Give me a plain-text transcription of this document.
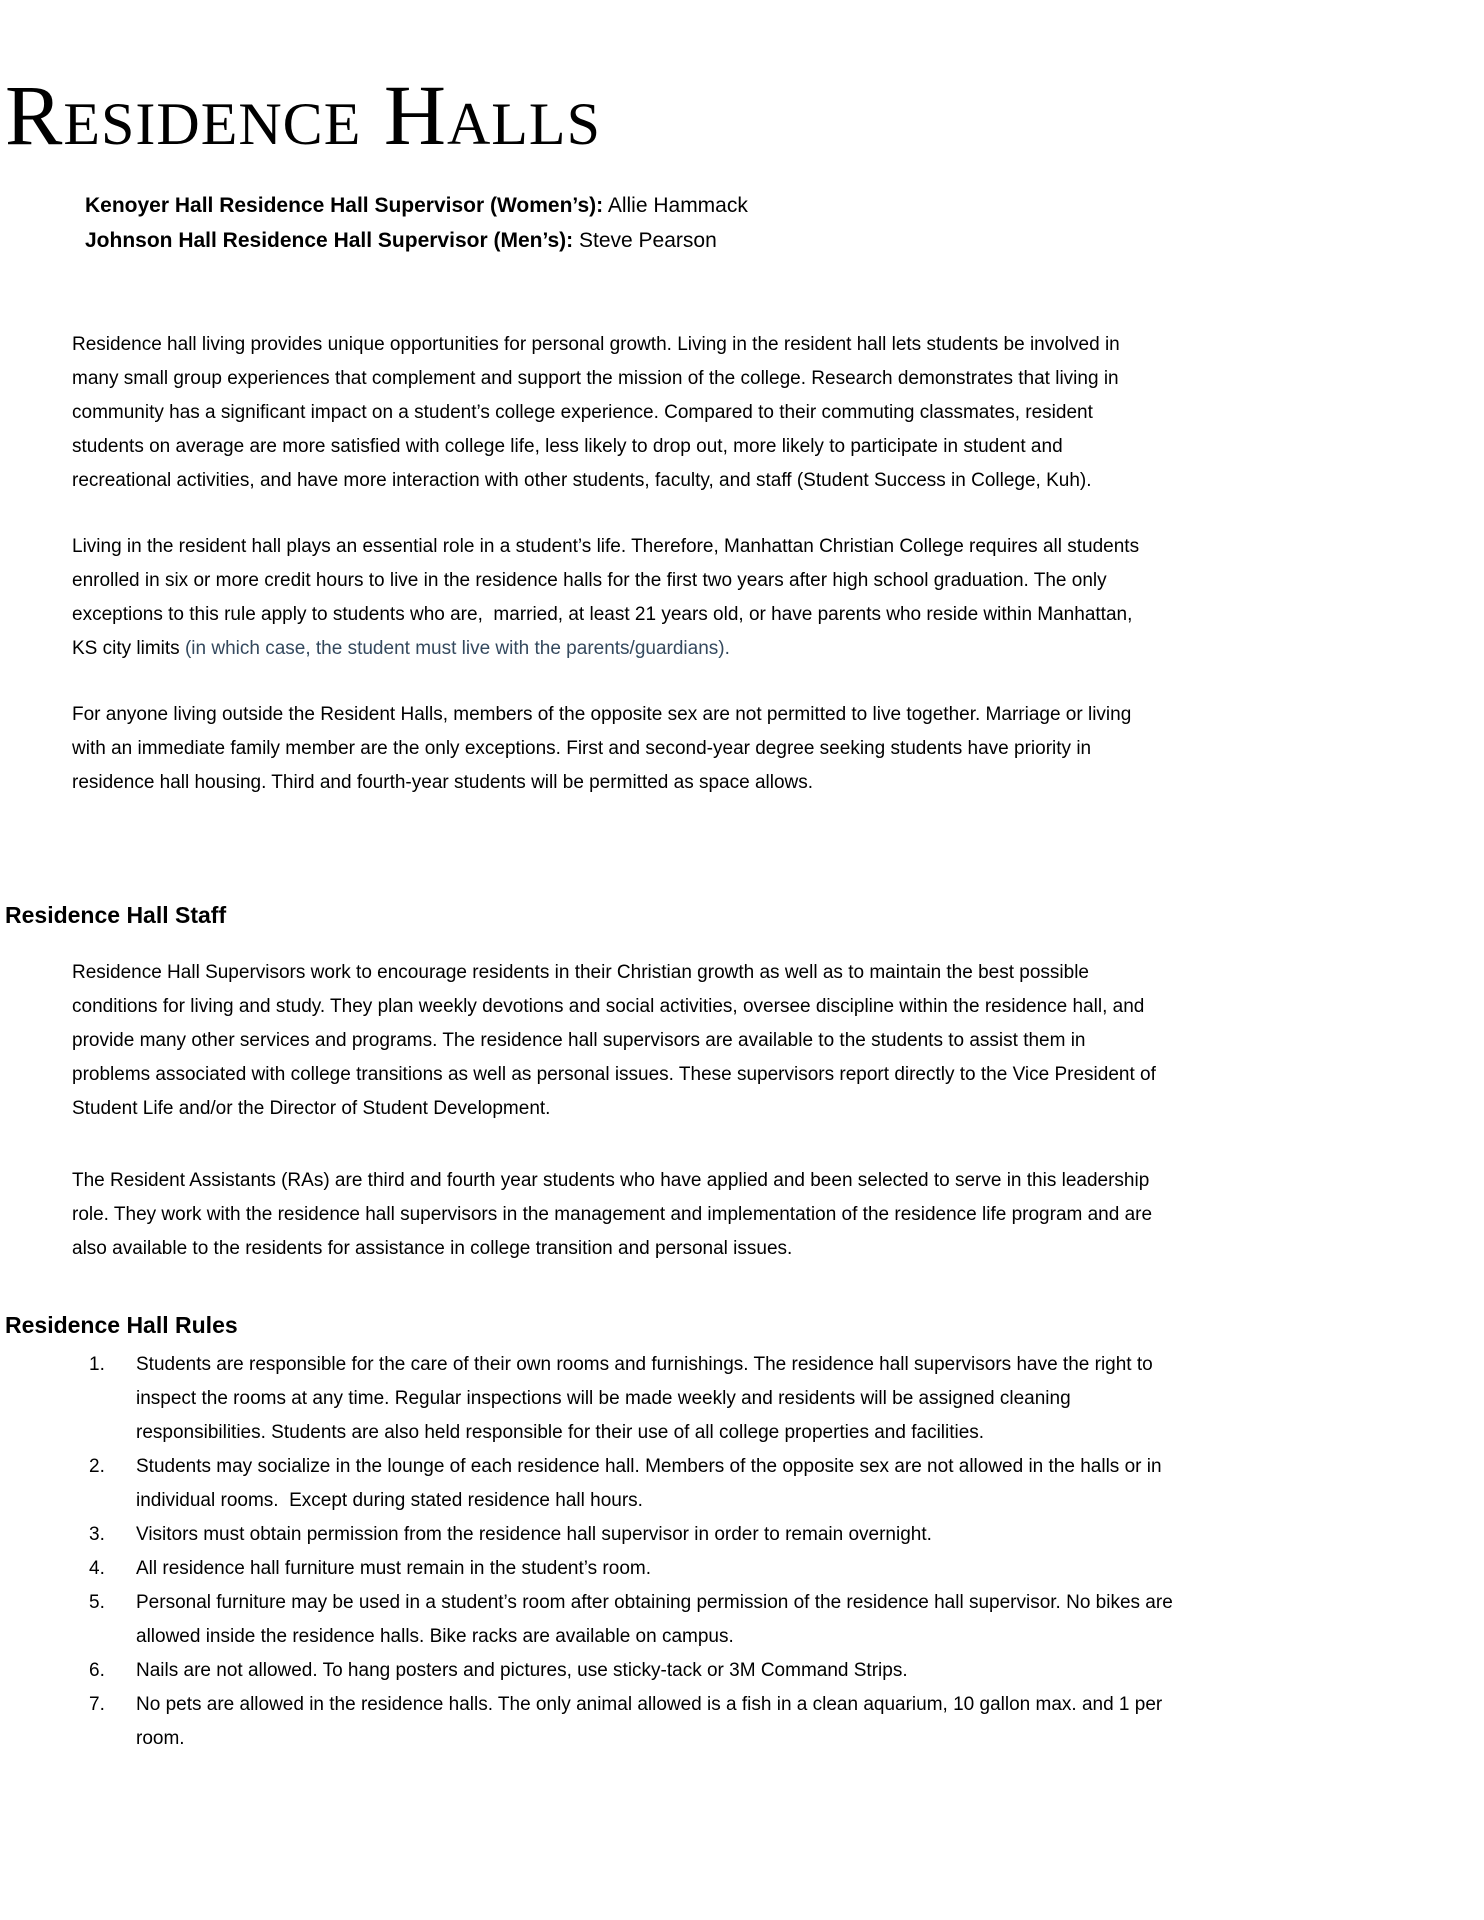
Residence Halls
Kenoyer Hall Residence Hall Supervisor (Women’s): Allie Hammack
Johnson Hall Residence Hall Supervisor (Men’s): Steve Pearson

Residence hall living provides unique opportunities for personal growth. Living in the resident hall lets students be involved in many small group experiences that complement and support the mission of the college. Research demonstrates that living in community has a significant impact on a student’s college experience. Compared to their commuting classmates, resident students on average are more satisfied with college life, less likely to drop out, more likely to participate in student and recreational activities, and have more interaction with other students, faculty, and staff (Student Success in College, Kuh).

Living in the resident hall plays an essential role in a student’s life. Therefore, Manhattan Christian College requires all students enrolled in six or more credit hours to live in the residence halls for the first two years after high school graduation. The only exceptions to this rule apply to students who are,  married, at least 21 years old, or have parents who reside within Manhattan, KS city limits (in which case, the student must live with the parents/guardians).

For anyone living outside the Resident Halls, members of the opposite sex are not permitted to live together. Marriage or living with an immediate family member are the only exceptions. First and second-year degree seeking students have priority in residence hall housing. Third and fourth-year students will be permitted as space allows.

Residence Hall Staff

Residence Hall Supervisors work to encourage residents in their Christian growth as well as to maintain the best possible conditions for living and study. They plan weekly devotions and social activities, oversee discipline within the residence hall, and provide many other services and programs. The residence hall supervisors are available to the students to assist them in problems associated with college transitions as well as personal issues. These supervisors report directly to the Vice President of Student Life and/or the Director of Student Development.

The Resident Assistants (RAs) are third and fourth year students who have applied and been selected to serve in this leadership role. They work with the residence hall supervisors in the management and implementation of the residence life program and are also available to the residents for assistance in college transition and personal issues.

Residence Hall Rules
1.	Students are responsible for the care of their own rooms and furnishings. The residence hall supervisors have the right to inspect the rooms at any time. Regular inspections will be made weekly and residents will be assigned cleaning responsibilities. Students are also held responsible for their use of all college properties and facilities.
2.	Students may socialize in the lounge of each residence hall. Members of the opposite sex are not allowed in the halls or in individual rooms.  Except during stated residence hall hours.
3.	Visitors must obtain permission from the residence hall supervisor in order to remain overnight.
4.	All residence hall furniture must remain in the student’s room.
5.	Personal furniture may be used in a student’s room after obtaining permission of the residence hall supervisor. No bikes are allowed inside the residence halls. Bike racks are available on campus.
6.	Nails are not allowed. To hang posters and pictures, use sticky-tack or 3M Command Strips.
7.	No pets are allowed in the residence halls. The only animal allowed is a fish in a clean aquarium, 10 gallon max. and 1 per room.
